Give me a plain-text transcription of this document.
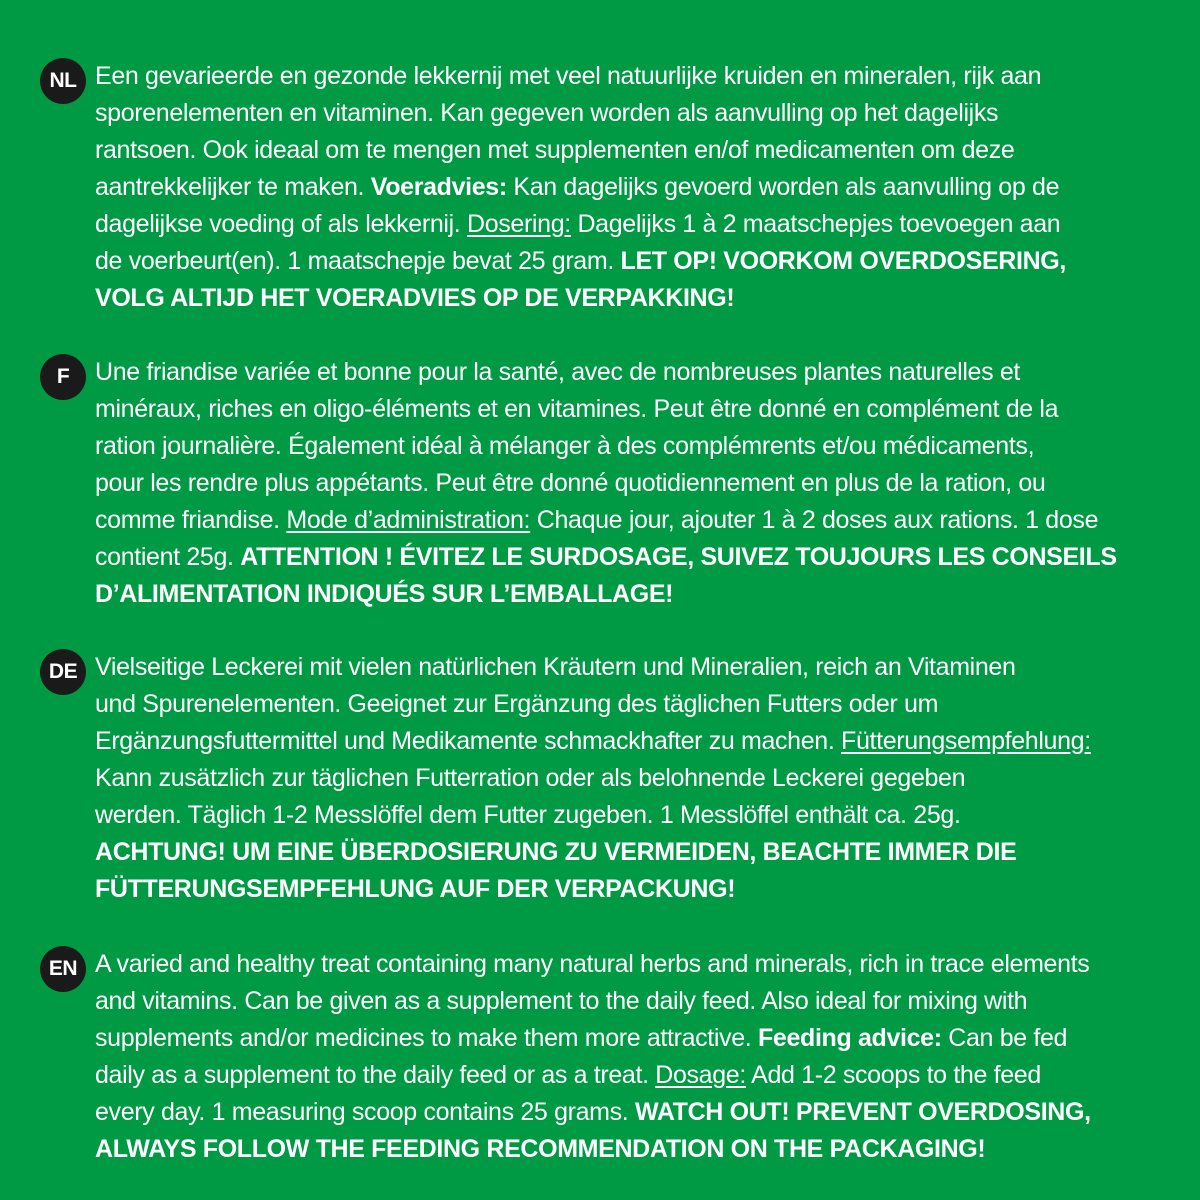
NL Een gevarieerde en gezonde lekkernij met veel natuurlijke kruiden en mineralen, rijk aan
sporenelementen en vitaminen. Kan gegeven worden als aanvulling op het dagelijks
rantsoen. Ook ideaal om te mengen met supplementen en/of medicamenten om deze
aantrekkelijker te maken. Voeradvies: Kan dagelijks gevoerd worden als aanvulling op de
dagelijkse voeding of als lekkernij. Dosering: Dagelijks 1 à 2 maatschepjes toevoegen aan
de voerbeurt(en). 1 maatschepje bevat 25 gram. LET OP! VOORKOM OVERDOSERING,
VOLG ALTIJD HET VOERADVIES OP DE VERPAKKING!
F	Une friandise variée et bonne pour la santé, avec de nombreuses plantes naturelles et
minéraux, riches en oligo-éléments et en vitamines. Peut être donné en complément de la
ration journalière. Également idéal à mélanger à des complémrents et/ou médicaments,
pour les rendre plus appétants. Peut être donné quotidiennement en plus de la ration, ou
comme friandise. Mode d’administration: Chaque jour, ajouter 1 à 2 doses aux rations. 1 dose
contient 25g. ATTENTION ! ÉVITEZ LE SURDOSAGE, SUIVEZ TOUJOURS LES CONSEILS
D’ALIMENTATION INDIQUÉS SUR L’EMBALLAGE!
DE Vielseitige Leckerei mit vielen natürlichen Kräutern und Mineralien, reich an Vitaminen
und Spurenelementen. Geeignet zur Ergänzung des täglichen Futters oder um
Ergänzungsfuttermittel und Medikamente schmackhafter zu machen. Fütterungsempfehlung:
Kann zusätzlich zur täglichen Futterration oder als belohnende Leckerei gegeben
werden. Täglich 1-2 Messlöffel dem Futter zugeben. 1 Messlöffel enthält ca. 25g.
ACHTUNG! UM EINE ÜBERDOSIERUNG ZU VERMEIDEN, BEACHTE IMMER DIE
FÜTTERUNGSEMPFEHLUNG AUF DER VERPACKUNG!
EN A varied and healthy treat containing many natural herbs and minerals, rich in trace elements
and vitamins. Can be given as a supplement to the daily feed. Also ideal for mixing with
supplements and/or medicines to make them more attractive. Feeding advice: Can be fed
daily as a supplement to the daily feed or as a treat. Dosage: Add 1-2 scoops to the feed
every day. 1 measuring scoop contains 25 grams. WATCH OUT! PREVENT OVERDOSING,
ALWAYS FOLLOW THE FEEDING RECOMMENDATION ON THE PACKAGING!
